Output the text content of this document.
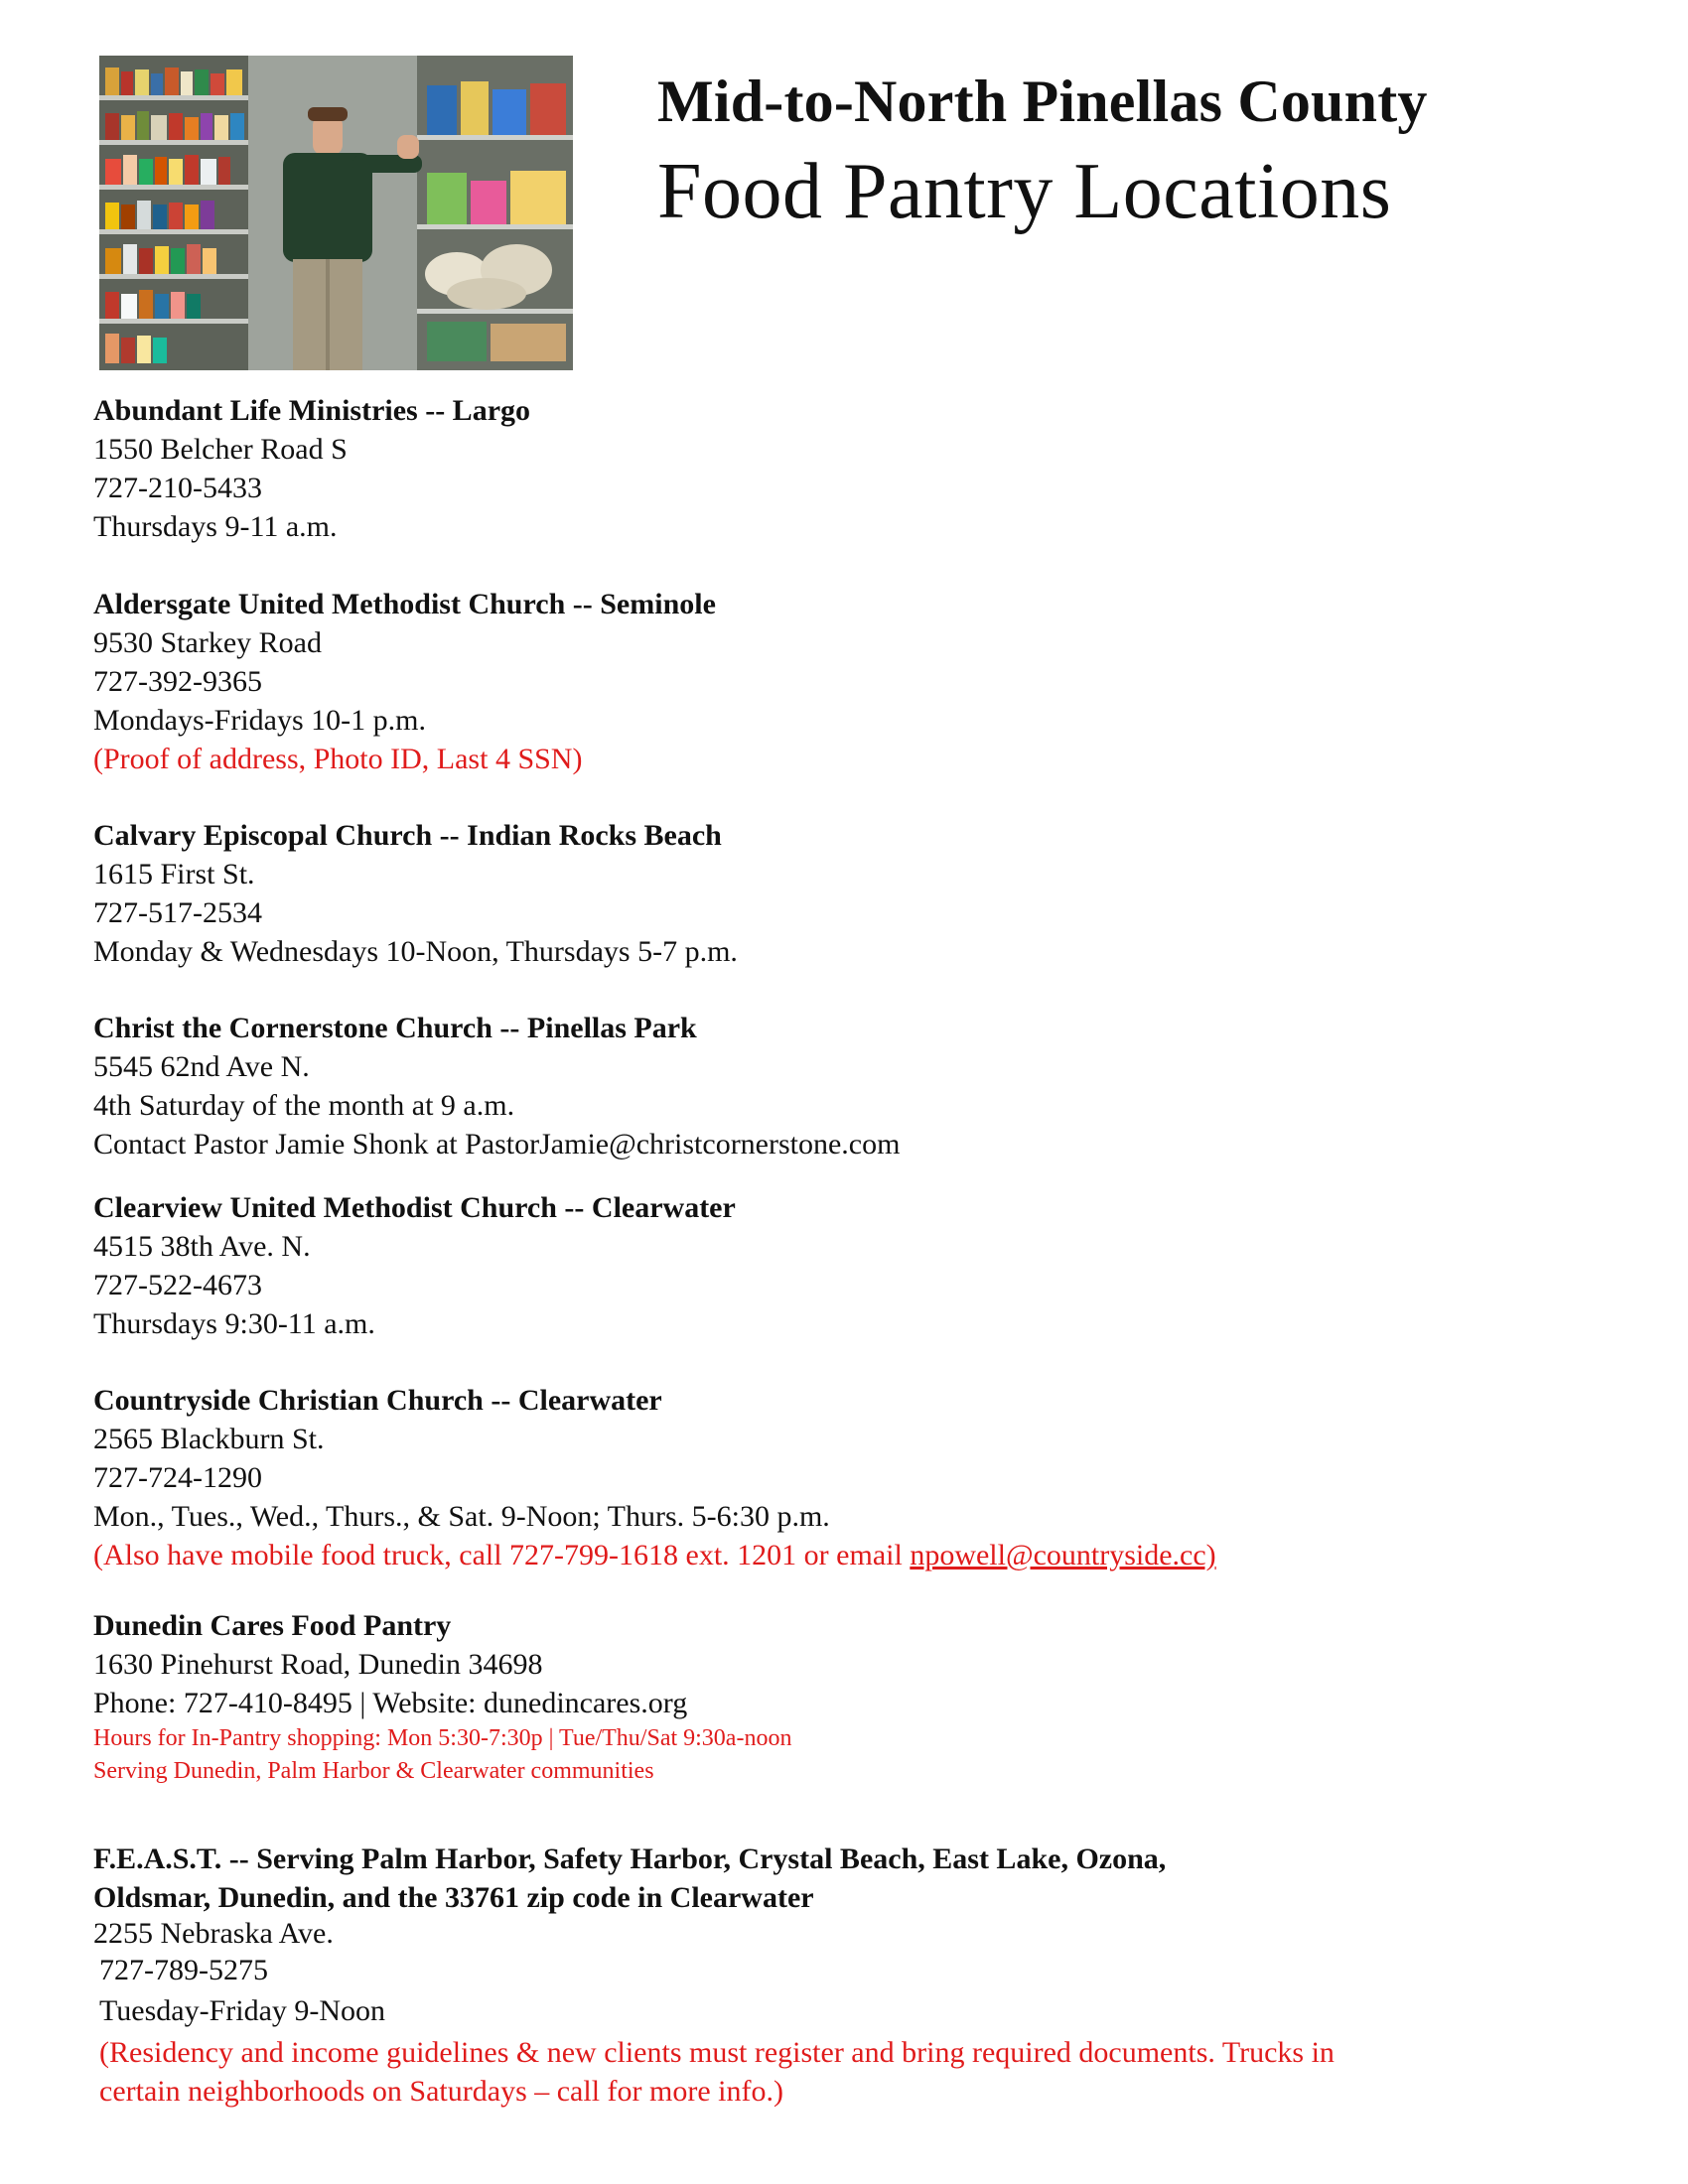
Mid-to-North Pinellas County
Food Pantry Locations
Abundant Life Ministries -- Largo
1550 Belcher Road S
727-210-5433
Thursdays 9-11 a.m.
Aldersgate United Methodist Church -- Seminole
9530 Starkey Road
727-392-9365
Mondays-Fridays 10-1 p.m.
(Proof of address, Photo ID, Last 4 SSN)
Calvary Episcopal Church -- Indian Rocks Beach
1615 First St.
727-517-2534
Monday & Wednesdays 10-Noon, Thursdays 5-7 p.m.
Christ the Cornerstone Church -- Pinellas Park
5545 62nd Ave N.
4th Saturday of the month at 9 a.m.
Contact Pastor Jamie Shonk at PastorJamie@christcornerstone.com
Clearview United Methodist Church -- Clearwater
4515 38th Ave. N.
727-522-4673
Thursdays 9:30-11 a.m.
Countryside Christian Church -- Clearwater
2565 Blackburn St.
727-724-1290
Mon., Tues., Wed., Thurs., & Sat. 9-Noon; Thurs. 5-6:30 p.m.
(Also have mobile food truck, call 727-799-1618 ext. 1201 or email npowell@countryside.cc)
Dunedin Cares Food Pantry
1630 Pinehurst Road, Dunedin 34698
Phone: 727-410-8495 | Website: dunedincares.org
Hours for In-Pantry shopping: Mon 5:30-7:30p | Tue/Thu/Sat 9:30a-noon
Serving Dunedin, Palm Harbor & Clearwater communities
F.E.A.S.T. -- Serving Palm Harbor, Safety Harbor, Crystal Beach, East Lake, Ozona,
Oldsmar, Dunedin, and the 33761 zip code in Clearwater
2255 Nebraska Ave.
727-789-5275
Tuesday-Friday 9-Noon
(Residency and income guidelines & new clients must register and bring required documents. Trucks in
certain neighborhoods on Saturdays – call for more info.)
